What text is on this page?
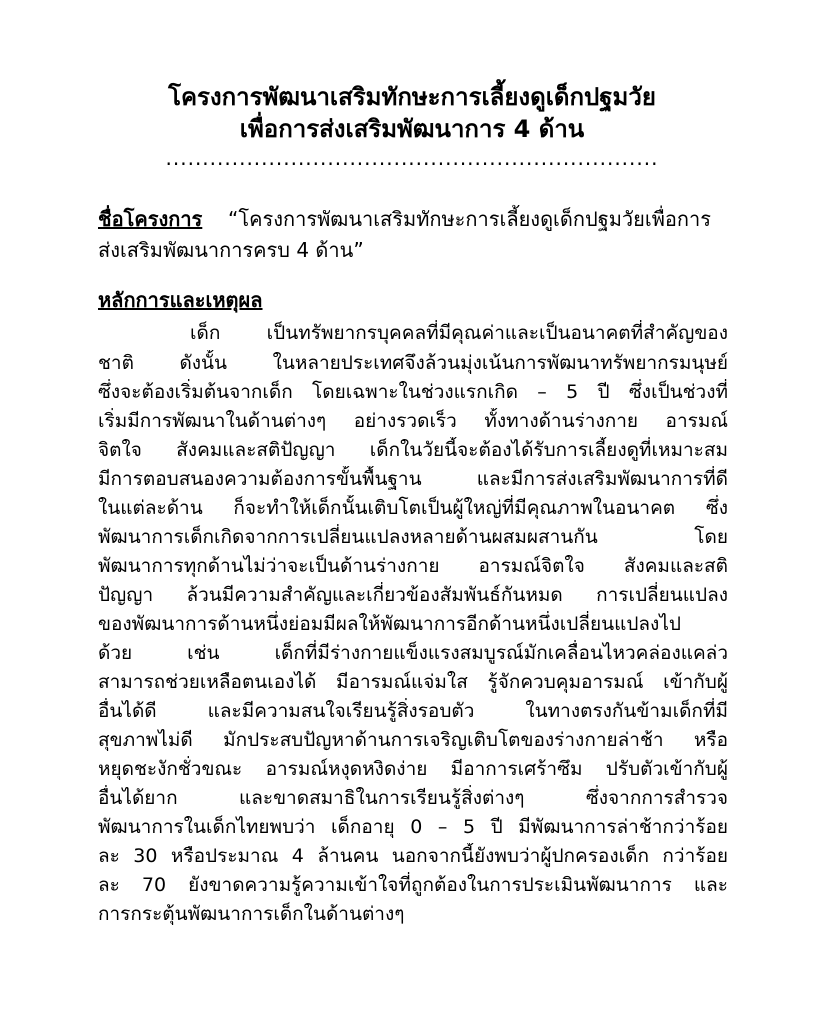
โครงการพัฒนาเสริมทักษะการเลี้ยงดูเด็กปฐมวัย
เพื่อการส่งเสริมพัฒนาการ 4 ด้าน
...................................................................
ชื่อโครงการ “โครงการพัฒนาเสริมทักษะการเลี้ยงดูเด็กปฐมวัยเพื่อการ
ส่งเสริมพัฒนาการครบ 4 ด้าน”
หลักการและเหตุผล
เด็ก เป็นทรัพยากรบุคคลที่มีคุณค่าและเป็นอนาคตที่สำคัญของ
ชาติ ดังนั้น ในหลายประเทศจึงล้วนมุ่งเน้นการพัฒนาทรัพยากรมนุษย์
ซึ่งจะต้องเริ่มต้นจากเด็ก โดยเฉพาะในช่วงแรกเกิด – 5 ปี ซึ่งเป็นช่วงที่
เริ่มมีการพัฒนาในด้านต่างๆ อย่างรวดเร็ว ทั้งทางด้านร่างกาย อารมณ์
จิตใจ สังคมและสติปัญญา เด็กในวัยนี้จะต้องได้รับการเลี้ยงดูที่เหมาะสม
มีการตอบสนองความต้องการขั้นพื้นฐาน และมีการส่งเสริมพัฒนาการที่ดี
ในแต่ละด้าน ก็จะทำให้เด็กนั้นเติบโตเป็นผู้ใหญ่ที่มีคุณภาพในอนาคต ซึ่ง
พัฒนาการเด็กเกิดจากการเปลี่ยนแปลงหลายด้านผสมผสานกัน โดย
พัฒนาการทุกด้านไม่ว่าจะเป็นด้านร่างกาย อารมณ์จิตใจ สังคมและสติ
ปัญญา ล้วนมีความสำคัญและเกี่ยวข้องสัมพันธ์กันหมด การเปลี่ยนแปลง
ของพัฒนาการด้านหนึ่งย่อมมีผลให้พัฒนาการอีกด้านหนึ่งเปลี่ยนแปลงไป
ด้วย เช่น เด็กที่มีร่างกายแข็งแรงสมบูรณ์มักเคลื่อนไหวคล่องแคล่ว
สามารถช่วยเหลือตนเองได้ มีอารมณ์แจ่มใส รู้จักควบคุมอารมณ์ เข้ากับผู้
อื่นได้ดี และมีความสนใจเรียนรู้สิ่งรอบตัว ในทางตรงกันข้ามเด็กที่มี
สุขภาพไม่ดี มักประสบปัญหาด้านการเจริญเติบโตของร่างกายล่าช้า หรือ
หยุดชะงักชั่วขณะ อารมณ์หงุดหงิดง่าย มีอาการเศร้าซึม ปรับตัวเข้ากับผู้
อื่นได้ยาก และขาดสมาธิในการเรียนรู้สิ่งต่างๆ ซึ่งจากการสำรวจ
พัฒนาการในเด็กไทยพบว่า เด็กอายุ 0 – 5 ปี มีพัฒนาการล่าช้ากว่าร้อย
ละ 30 หรือประมาณ 4 ล้านคน นอกจากนี้ยังพบว่าผู้ปกครองเด็ก กว่าร้อย
ละ 70 ยังขาดความรู้ความเข้าใจที่ถูกต้องในการประเมินพัฒนาการ และ
การกระตุ้นพัฒนาการเด็กในด้านต่างๆ
